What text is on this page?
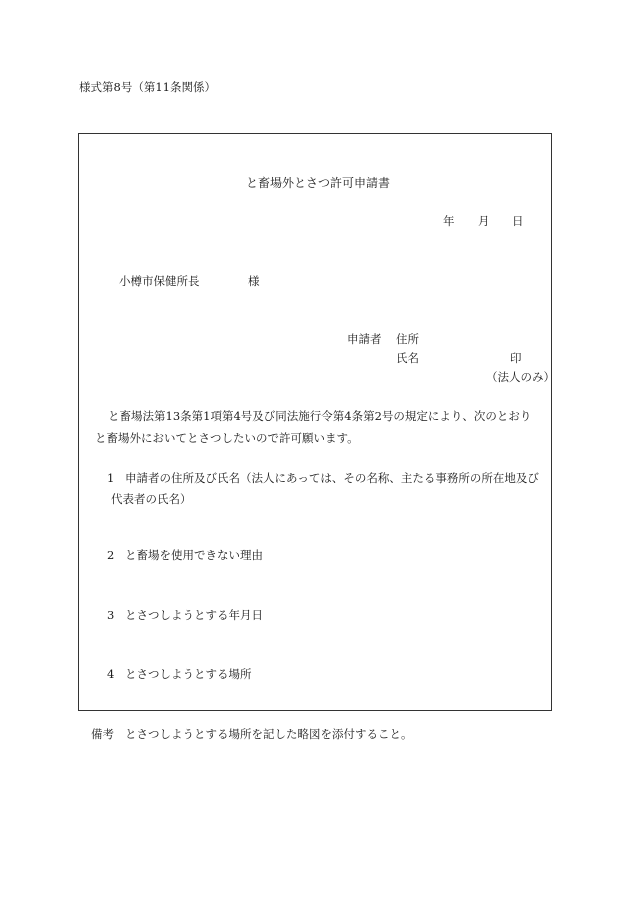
様式第8号（第11条関係）
と畜場外とさつ許可申請書
年 月 日
小樽市保健所長	様
申請者 住所
氏名	印
（法人のみ）
と畜場法第13条第1項第4号及び同法施行令第4条第2号の規定により、次のとおり
と畜場外においてとさつしたいので許可願います。
1 申請者の住所及び氏名（法人にあっては、その名称、主たる事務所の所在地及び
代表者の氏名）
2 と畜場を使用できない理由
3 とさつしようとする年月日
4 とさつしようとする場所
備考 とさつしようとする場所を記した略図を添付すること。
